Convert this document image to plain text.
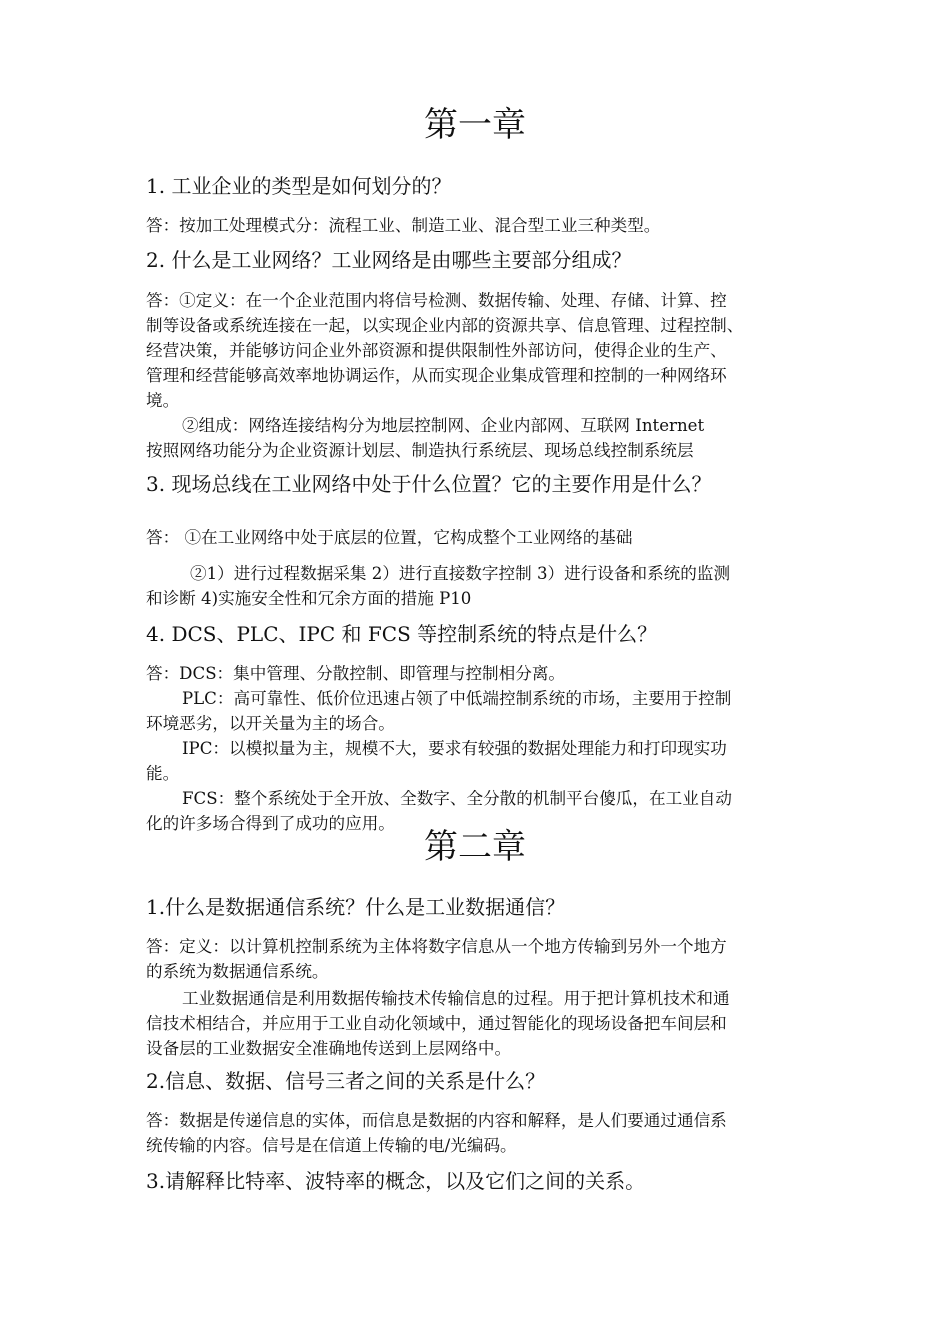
第一章
1. 工业企业的类型是如何划分的？
答：按加工处理模式分：流程工业、制造工业、混合型工业三种类型。
2. 什么是工业网络？工业网络是由哪些主要部分组成？
答：①定义：在一个企业范围内将信号检测、数据传输、处理、存储、计算、控
制等设备或系统连接在一起，以实现企业内部的资源共享、信息管理、过程控制、
经营决策，并能够访问企业外部资源和提供限制性外部访问，使得企业的生产、
管理和经营能够高效率地协调运作，从而实现企业集成管理和控制的一种网络环
境。
②组成：网络连接结构分为地层控制网、企业内部网、互联网 Internet
按照网络功能分为企业资源计划层、制造执行系统层、现场总线控制系统层
3. 现场总线在工业网络中处于什么位置？它的主要作用是什么？
答： ①在工业网络中处于底层的位置，它构成整个工业网络的基础
②1）进行过程数据采集 2）进行直接数字控制 3）进行设备和系统的监测
和诊断 4)实施安全性和冗余方面的措施 P10
4. DCS、PLC、IPC 和 FCS 等控制系统的特点是什么？
答：DCS：集中管理、分散控制、即管理与控制相分离。
PLC：高可靠性、低价位迅速占领了中低端控制系统的市场，主要用于控制
环境恶劣，以开关量为主的场合。
IPC：以模拟量为主，规模不大，要求有较强的数据处理能力和打印现实功
能。
FCS：整个系统处于全开放、全数字、全分散的机制平台傻瓜，在工业自动
化的许多场合得到了成功的应用。
第二章
1.什么是数据通信系统？什么是工业数据通信？
答：定义：以计算机控制系统为主体将数字信息从一个地方传输到另外一个地方
的系统为数据通信系统。
工业数据通信是利用数据传输技术传输信息的过程。用于把计算机技术和通
信技术相结合，并应用于工业自动化领域中，通过智能化的现场设备把车间层和
设备层的工业数据安全准确地传送到上层网络中。
2.信息、数据、信号三者之间的关系是什么？
答：数据是传递信息的实体，而信息是数据的内容和解释，是人们要通过通信系
统传输的内容。信号是在信道上传输的电/光编码。
3.请解释比特率、波特率的概念，以及它们之间的关系。
